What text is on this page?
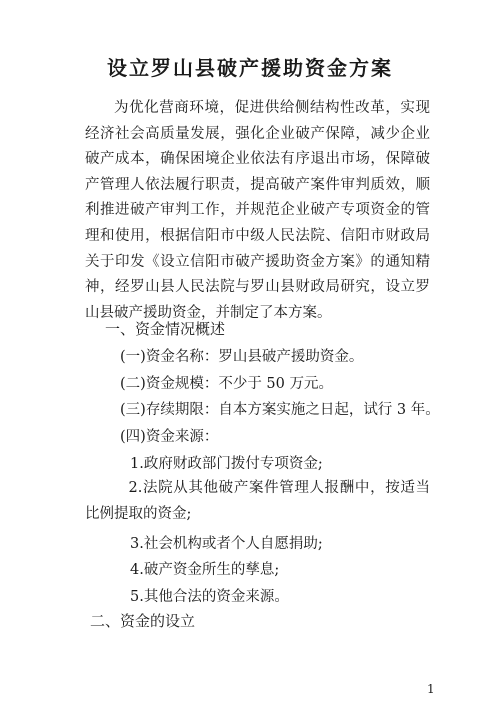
设立罗山县破产援助资金方案
为优化营商环境，促进供给侧结构性改革，实现经济社会高质量发展，强化企业破产保障，减少企业破产成本，确保困境企业依法有序退出市场，保障破产管理人依法履行职责，提高破产案件审判质效，顺利推进破产审判工作，并规范企业破产专项资金的管理和使用，根据信阳市中级人民法院、信阳市财政局关于印发《设立信阳市破产援助资金方案》的通知精神，经罗山县人民法院与罗山县财政局研究，设立罗山县破产援助资金，并制定了本方案。
一、资金情况概述
(一)资金名称：罗山县破产援助资金。
(二)资金规模：不少于 50 万元。
(三)存续期限：自本方案实施之日起，试行 3 年。
(四)资金来源：
1.政府财政部门拨付专项资金;
2.法院从其他破产案件管理人报酬中，按适当比例提取的资金;
3.社会机构或者个人自愿捐助;
4.破产资金所生的孳息;
5.其他合法的资金来源。
二、资金的设立
1
